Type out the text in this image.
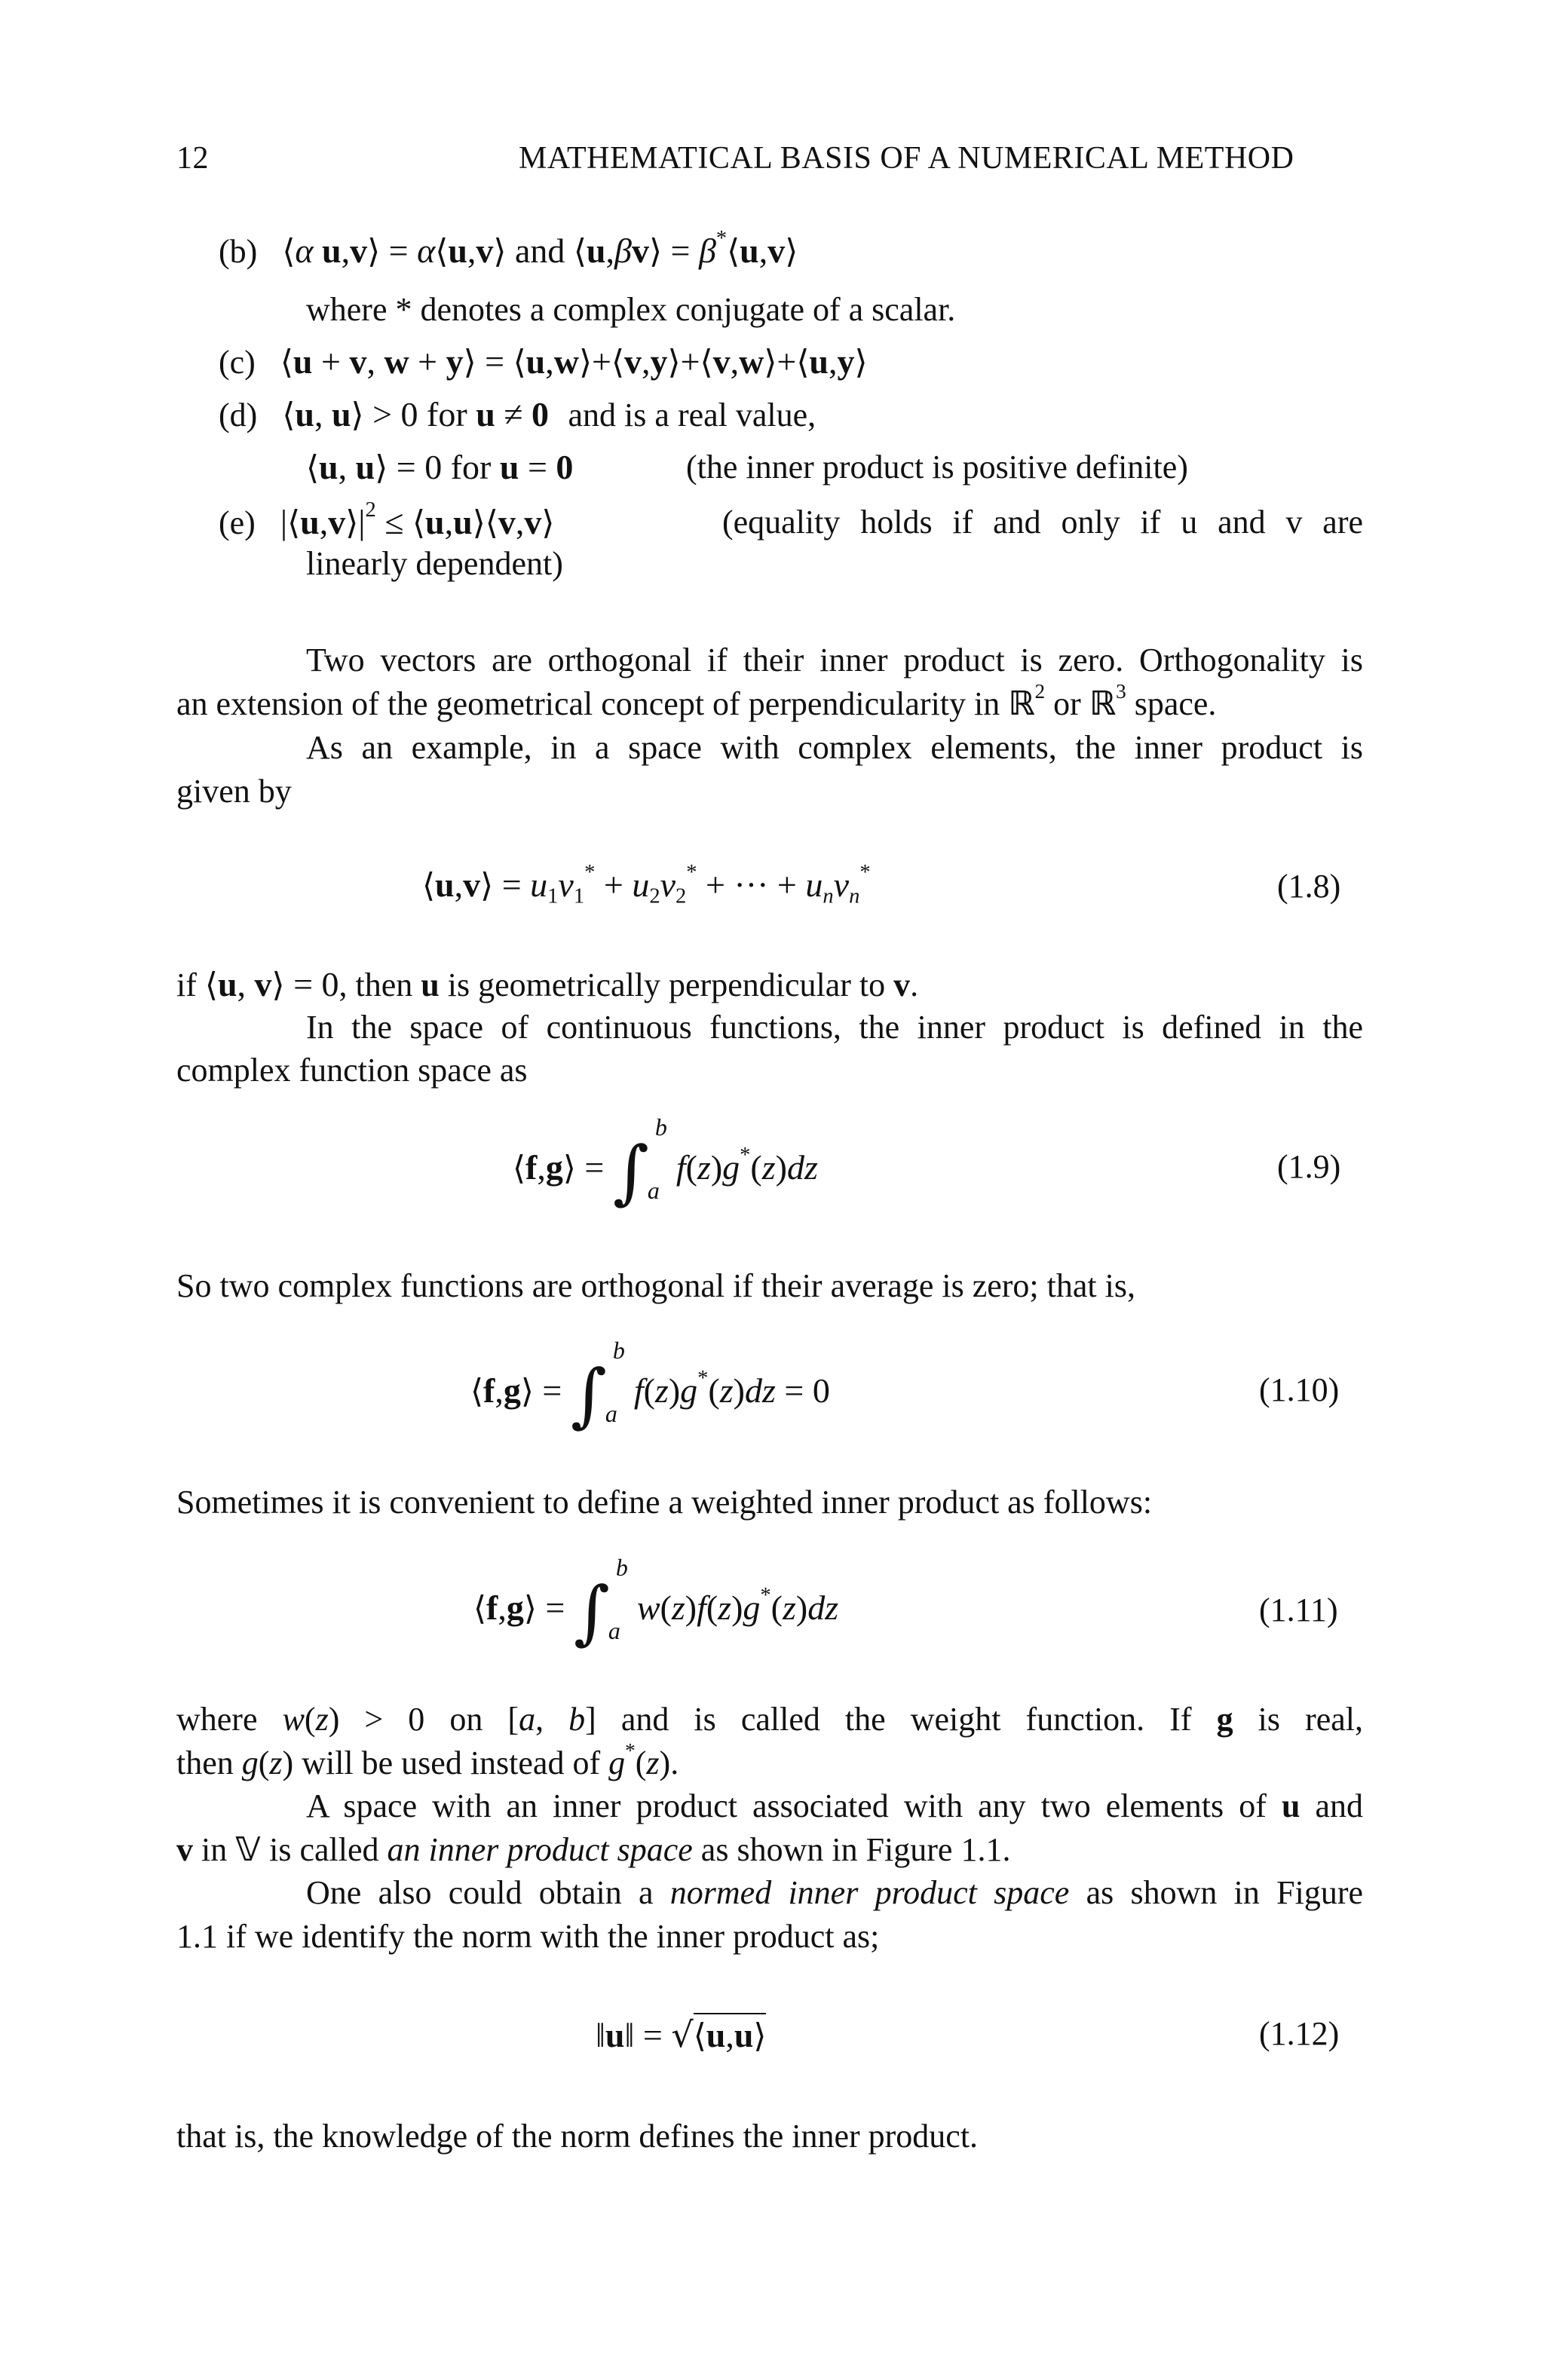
12	MATHEMATICAL BASIS OF A NUMERICAL METHOD
(b) ⟨α u,v⟩ = α⟨u,v⟩ and ⟨u,βv⟩ = β*⟨u,v⟩
where * denotes a complex conjugate of a scalar.
(c) ⟨u + v, w + y⟩ = ⟨u,w⟩+⟨v,y⟩+⟨v,w⟩+⟨u,y⟩
(d) ⟨u, u⟩ > 0 for u ≠ 0 and is a real value,
⟨u, u⟩ = 0 for u = 0	(the inner product is positive definite)
(e) $|⟨u,v⟩|^2$ ≤ ⟨u,u⟩⟨v,v⟩	(equality holds if and only if u and v are
linearly dependent)
Two vectors are orthogonal if their inner product is zero. Orthogonality is
an extension of the geometrical concept of perpendicularity in ℝ$^2$ or ℝ$^3$ space.
As an example, in a space with complex elements, the inner product is
given by
⟨u,v⟩ = $u_1v_1^* + u_2v_2^*$ + ··· + $u_nv_n^*$	(1.8)
if ⟨u, v⟩ = 0, then u is geometrically perpendicular to v.
In the space of continuous functions, the inner product is defined in the
complex function space as
⟨f,g⟩ = ∫
b
a
f(z)g*(z)dz	(1.9)
So two complex functions are orthogonal if their average is zero; that is,
⟨f,g⟩ = ∫
b
a
f(z)g*(z)dz = 0	(1.10)
Sometimes it is convenient to define a weighted inner product as follows:
⟨f,g⟩ = ∫
b
a
w(z)f(z)g*(z)dz	(1.11)
where w(z) > 0 on [a, b] and is called the weight function. If g is real,
then g(z) will be used instead of g*(z).
A space with an inner product associated with any two elements of u and
v in 𝕍 is called an inner product space as shown in Figure 1.1.
One also could obtain a normed inner product space as shown in Figure
1.1 if we identify the norm with the inner product as;
‖u‖ = √⟨u,u⟩	(1.12)
that is, the knowledge of the norm defines the inner product.
